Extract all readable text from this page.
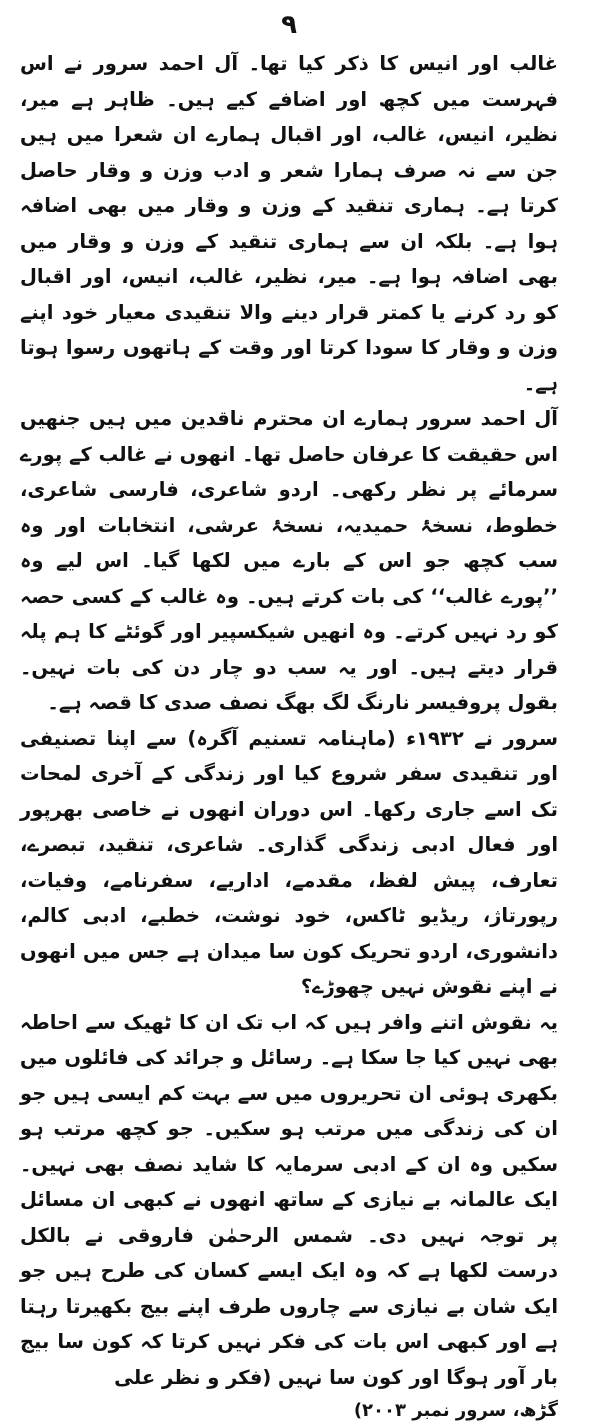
۹

غالب اور انیس کا ذکر کیا تھا۔ آل احمد سرور نے اس فہرست میں کچھ اور اضافے کیے ہیں۔ ظاہر ہے میر، نظیر، انیس، غالب، اور اقبال ہمارے ان شعرا میں ہیں جن سے نہ صرف ہمارا شعر و ادب وزن و وقار حاصل کرتا ہے۔ ہماری تنقید کے وزن و وقار میں بھی اضافہ ہوا ہے۔ بلکہ ان سے ہماری تنقید کے وزن و وقار میں بھی اضافہ ہوا ہے۔ میر، نظیر، غالب، انیس، اور اقبال کو رد کرنے یا کمتر قرار دینے والا تنقیدی معیار خود اپنے وزن و وقار کا سودا کرتا اور وقت کے ہاتھوں رسوا ہوتا ہے۔

آل احمد سرور ہمارے ان محترم ناقدین میں ہیں جنھیں اس حقیقت کا عرفان حاصل تھا۔ انھوں نے غالب کے پورے سرمائے پر نظر رکھی۔ اردو شاعری، فارسی شاعری، خطوط، نسخۂ حمیدیہ، نسخۂ عرشی، انتخابات اور وہ سب کچھ جو اس کے بارے میں لکھا گیا۔ اس لیے وہ ’’پورے غالب‘‘ کی بات کرتے ہیں۔ وہ غالب کے کسی حصہ کو رد نہیں کرتے۔ وہ انھیں شیکسپیر اور گوئٹے کا ہم پلہ قرار دیتے ہیں۔ اور یہ سب دو چار دن کی بات نہیں۔ بقول پروفیسر نارنگ لگ بھگ نصف صدی کا قصہ ہے۔

سرور نے ۱۹۳۲ء (ماہنامہ تسنیم آگرہ) سے اپنا تصنیفی اور تنقیدی سفر شروع کیا اور زندگی کے آخری لمحات تک اسے جاری رکھا۔ اس دوران انھوں نے خاصی بھرپور اور فعال ادبی زندگی گذاری۔ شاعری، تنقید، تبصرے، تعارف، پیش لفظ، مقدمے، اداریے، سفرنامے، وفیات، رپورتاژ، ریڈیو ٹاکس، خود نوشت، خطبے، ادبی کالم، دانشوری، اردو تحریک کون سا میدان ہے جس میں انھوں نے اپنے نقوش نہیں چھوڑے؟

یہ نقوش اتنے وافر ہیں کہ اب تک ان کا ٹھیک سے احاطہ بھی نہیں کیا جا سکا ہے۔ رسائل و جرائد کی فائلوں میں بکھری ہوئی ان تحریروں میں سے بہت کم ایسی ہیں جو ان کی زندگی میں مرتب ہو سکیں۔ جو کچھ مرتب ہو سکیں وہ ان کے ادبی سرمایہ کا شاید نصف بھی نہیں۔ ایک عالمانہ بے نیازی کے ساتھ انھوں نے کبھی ان مسائل پر توجہ نہیں دی۔ شمس الرحمٰن فاروقی نے بالکل درست لکھا ہے کہ وہ ایک ایسے کسان کی طرح ہیں جو ایک شان بے نیازی سے چاروں طرف اپنے بیج بکھیرتا رہتا ہے اور کبھی اس بات کی فکر نہیں کرتا کہ کون سا بیج بار آور ہوگا اور کون سا نہیں (فکر و نظر علی

گڑھ، سرور نمبر ۲۰۰۳)
